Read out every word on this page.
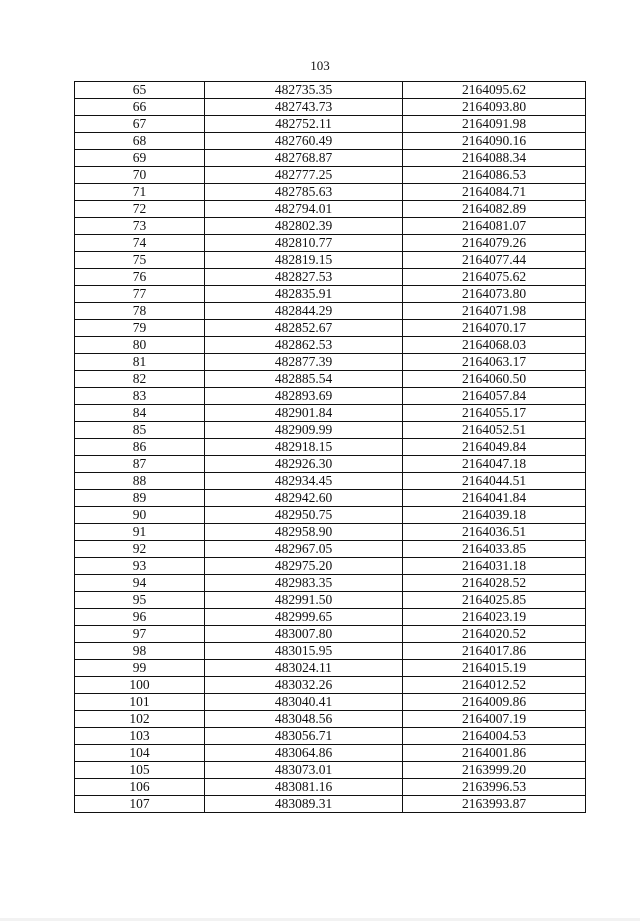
103
65	482735.35	2164095.62
66	482743.73	2164093.80
67	482752.11	2164091.98
68	482760.49	2164090.16
69	482768.87	2164088.34
70	482777.25	2164086.53
71	482785.63	2164084.71
72	482794.01	2164082.89
73	482802.39	2164081.07
74	482810.77	2164079.26
75	482819.15	2164077.44
76	482827.53	2164075.62
77	482835.91	2164073.80
78	482844.29	2164071.98
79	482852.67	2164070.17
80	482862.53	2164068.03
81	482877.39	2164063.17
82	482885.54	2164060.50
83	482893.69	2164057.84
84	482901.84	2164055.17
85	482909.99	2164052.51
86	482918.15	2164049.84
87	482926.30	2164047.18
88	482934.45	2164044.51
89	482942.60	2164041.84
90	482950.75	2164039.18
91	482958.90	2164036.51
92	482967.05	2164033.85
93	482975.20	2164031.18
94	482983.35	2164028.52
95	482991.50	2164025.85
96	482999.65	2164023.19
97	483007.80	2164020.52
98	483015.95	2164017.86
99	483024.11	2164015.19
100	483032.26	2164012.52
101	483040.41	2164009.86
102	483048.56	2164007.19
103	483056.71	2164004.53
104	483064.86	2164001.86
105	483073.01	2163999.20
106	483081.16	2163996.53
107	483089.31	2163993.87
